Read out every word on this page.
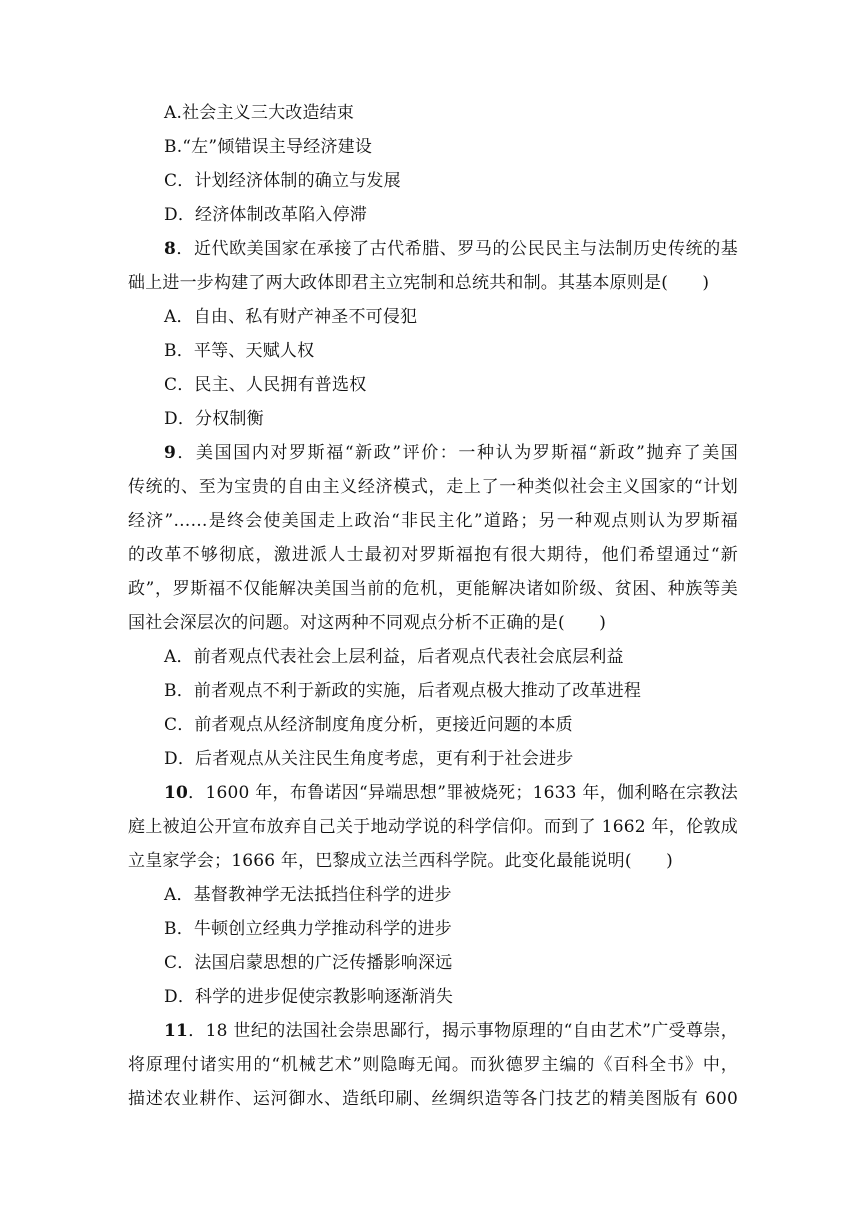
A.社会主义三大改造结束
B.“左”倾错误主导经济建设
C．计划经济体制的确立与发展
D．经济体制改革陷入停滞
8．近代欧美国家在承接了古代希腊、罗马的公民民主与法制历史传统的基
础上进一步构建了两大政体即君主立宪制和总统共和制。其基本原则是(　　)
A．自由、私有财产神圣不可侵犯
B．平等、天赋人权
C．民主、人民拥有普选权
D．分权制衡
9．美国国内对罗斯福“新政”评价：一种认为罗斯福“新政”抛弃了美国
传统的、至为宝贵的自由主义经济模式，走上了一种类似社会主义国家的“计划
经济”……是终会使美国走上政治“非民主化”道路；另一种观点则认为罗斯福
的改革不够彻底，激进派人士最初对罗斯福抱有很大期待，他们希望通过“新
政”，罗斯福不仅能解决美国当前的危机，更能解决诸如阶级、贫困、种族等美
国社会深层次的问题。对这两种不同观点分析不正确的是(　　)
A．前者观点代表社会上层利益，后者观点代表社会底层利益
B．前者观点不利于新政的实施，后者观点极大推动了改革进程
C．前者观点从经济制度角度分析，更接近问题的本质
D．后者观点从关注民生角度考虑，更有利于社会进步
10．1600 年，布鲁诺因“异端思想”罪被烧死；1633 年，伽利略在宗教法
庭上被迫公开宣布放弃自己关于地动学说的科学信仰。而到了 1662 年，伦敦成
立皇家学会；1666 年，巴黎成立法兰西科学院。此变化最能说明(　　)
A．基督教神学无法抵挡住科学的进步
B．牛顿创立经典力学推动科学的进步
C．法国启蒙思想的广泛传播影响深远
D．科学的进步促使宗教影响逐渐消失
11．18 世纪的法国社会崇思鄙行，揭示事物原理的“自由艺术”广受尊崇，
将原理付诸实用的“机械艺术”则隐晦无闻。而狄德罗主编的《百科全书》中，
描述农业耕作、运河御水、造纸印刷、丝绸织造等各门技艺的精美图版有 600
